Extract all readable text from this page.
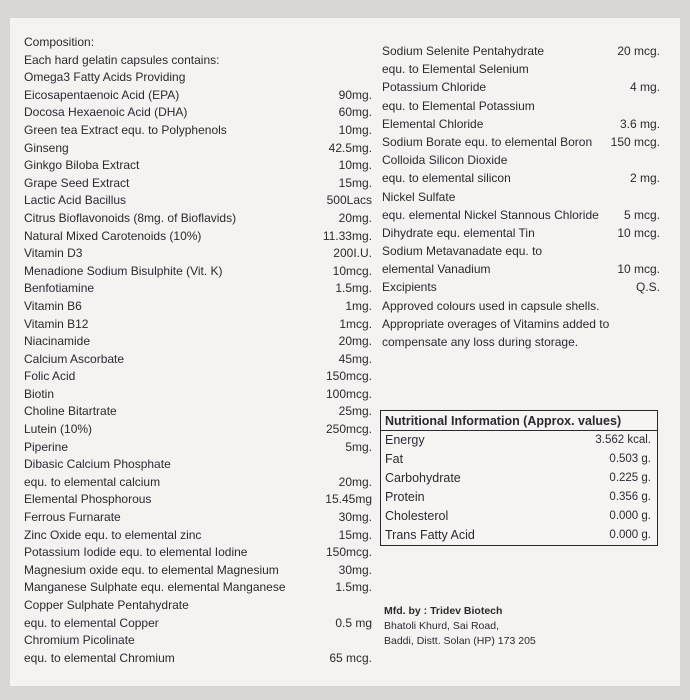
Composition:
Each hard gelatin capsules contains:
Omega3 Fatty Acids Providing
Eicosapentaenoic Acid (EPA)	90mg.
Docosa Hexaenoic Acid (DHA)	60mg.
Green tea Extract equ. to Polyphenols	10mg.
Ginseng	42.5mg.
Ginkgo Biloba Extract	10mg.
Grape Seed Extract	15mg.
Lactic Acid Bacillus	500Lacs
Citrus Bioflavonoids (8mg. of Bioflavids)	20mg.
Natural Mixed Carotenoids (10%)	11.33mg.
Vitamin D3	200I.U.
Menadione Sodium Bisulphite (Vit. K)	10mcg.
Benfotiamine	1.5mg.
Vitamin B6	1mg.
Vitamin B12	1mcg.
Niacinamide	20mg.
Calcium Ascorbate	45mg.
Folic Acid	150mcg.
Biotin	100mcg.
Choline Bitartrate	25mg.
Lutein (10%)	250mcg.
Piperine	5mg.
Dibasic Calcium Phosphate
equ. to elemental calcium	20mg.
Elemental Phosphorous	15.45mg
Ferrous Furnarate	30mg.
Zinc Oxide equ. to elemental zinc	15mg.
Potassium Iodide equ. to elemental Iodine	150mcg.
Magnesium oxide equ. to elemental Magnesium	30mg.
Manganese Sulphate equ. elemental Manganese	1.5mg.
Copper Sulphate Pentahydrate
equ. to elemental Copper	0.5 mg
Chromium Picolinate
equ. to elemental Chromium	65 mcg.
Sodium Selenite Pentahydrate	20 mcg.
equ. to Elemental Selenium
Potassium Chloride	4 mg.
equ. to Elemental Potassium
Elemental Chloride	3.6 mg.
Sodium Borate equ. to elemental Boron 150 mcg.
Colloida Silicon Dioxide
equ. to elemental silicon	2 mg.
Nickel Sulfate
equ. elemental Nickel Stannous Chloride 5 mcg.
Dihydrate equ. elemental Tin	10 mcg.
Sodium Metavanadate equ. to
elemental Vanadium	10 mcg.
Excipients	Q.S.
Approved colours used in capsule shells.
Appropriate overages of Vitamins added to
compensate any loss during storage.
Nutritional Information (Approx. values)
Energy	3.562 kcal.
Fat	0.503 g.
Carbohydrate	0.225 g.
Protein	0.356 g.
Cholesterol	0.000 g.
Trans Fatty Acid	0.000 g.
Mfd. by : Tridev Biotech
Bhatoli Khurd, Sai Road,
Baddi, Distt. Solan (HP) 173 205
